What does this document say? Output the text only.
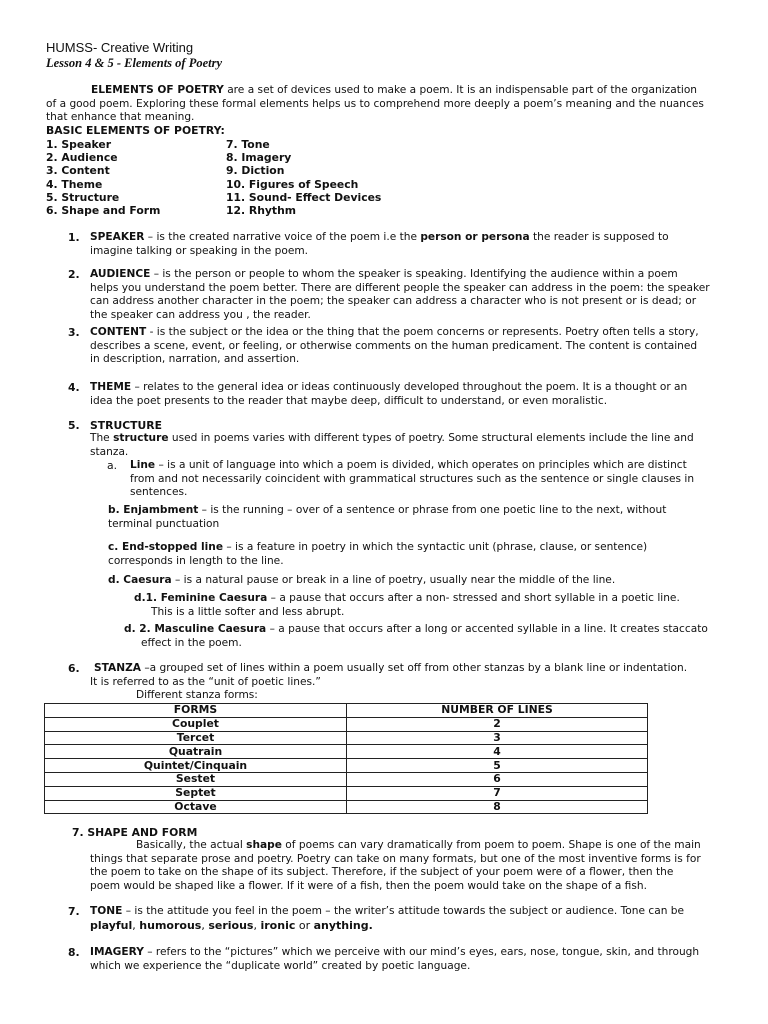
HUMSS- Creative Writing
Lesson 4 & 5 - Elements of Poetry
ELEMENTS OF POETRY are a set of devices used to make a poem. It is an indispensable part of the organization
of a good poem. Exploring these formal elements helps us to comprehend more deeply a poem’s meaning and the nuances
that enhance that meaning.
BASIC ELEMENTS OF POETRY:
1. Speaker
2. Audience
3. Content
4. Theme
5. Structure
6. Shape and Form
7. Tone
8. Imagery
9. Diction
10. Figures of Speech
11. Sound- Effect Devices
12. Rhythm
1. SPEAKER – is the created narrative voice of the poem i.e the person or persona the reader is supposed to
imagine talking or speaking in the poem.
2. AUDIENCE – is the person or people to whom the speaker is speaking. Identifying the audience within a poem
helps you understand the poem better. There are different people the speaker can address in the poem: the speaker
can address another character in the poem; the speaker can address a character who is not present or is dead; or
the speaker can address you , the reader.
3. CONTENT - is the subject or the idea or the thing that the poem concerns or represents. Poetry often tells a story,
describes a scene, event, or feeling, or otherwise comments on the human predicament. The content is contained
in description, narration, and assertion.
4. THEME – relates to the general idea or ideas continuously developed throughout the poem. It is a thought or an
idea the poet presents to the reader that maybe deep, difficult to understand, or even moralistic.
5. STRUCTURE
The structure used in poems varies with different types of poetry. Some structural elements include the line and
stanza.
a. Line – is a unit of language into which a poem is divided, which operates on principles which are distinct
from and not necessarily coincident with grammatical structures such as the sentence or single clauses in
sentences.
b. Enjambment – is the running – over of a sentence or phrase from one poetic line to the next, without
terminal punctuation
c. End-stopped line – is a feature in poetry in which the syntactic unit (phrase, clause, or sentence)
corresponds in length to the line.
d. Caesura – is a natural pause or break in a line of poetry, usually near the middle of the line.
d.1. Feminine Caesura – a pause that occurs after a non- stressed and short syllable in a poetic line.
This is a little softer and less abrupt.
d. 2. Masculine Caesura – a pause that occurs after a long or accented syllable in a line. It creates staccato
effect in the poem.
6. STANZA –a grouped set of lines within a poem usually set off from other stanzas by a blank line or indentation.
It is referred to as the “unit of poetic lines.”
Different stanza forms:
FORMS	NUMBER OF LINES
Couplet	2
Tercet	3
Quatrain	4
Quintet/Cinquain	5
Sestet	6
Septet	7
Octave	8
7. SHAPE AND FORM
Basically, the actual shape of poems can vary dramatically from poem to poem. Shape is one of the main
things that separate prose and poetry. Poetry can take on many formats, but one of the most inventive forms is for
the poem to take on the shape of its subject. Therefore, if the subject of your poem were of a flower, then the
poem would be shaped like a flower. If it were of a fish, then the poem would take on the shape of a fish.
7. TONE – is the attitude you feel in the poem – the writer’s attitude towards the subject or audience. Tone can be
playful, humorous, serious, ironic or anything.
8. IMAGERY – refers to the “pictures” which we perceive with our mind’s eyes, ears, nose, tongue, skin, and through
which we experience the “duplicate world” created by poetic language.
